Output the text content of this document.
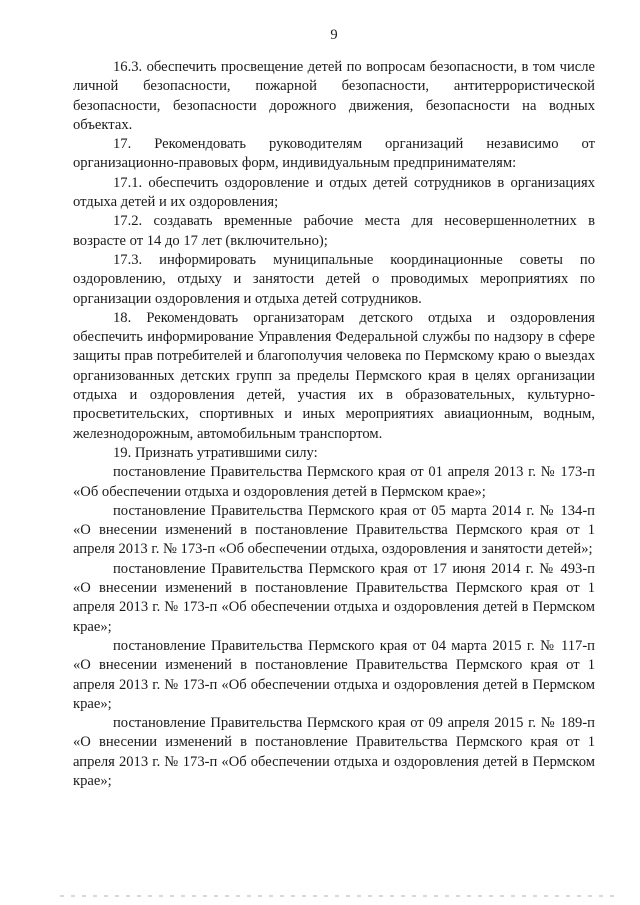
9

16.3. обеспечить просвещение детей по вопросам безопасности, в том числе личной безопасности, пожарной безопасности, антитеррористической безопасности, безопасности дорожного движения, безопасности на водных объектах.

17. Рекомендовать руководителям организаций независимо от организационно-правовых форм, индивидуальным предпринимателям:

17.1. обеспечить оздоровление и отдых детей сотрудников в организациях отдыха детей и их оздоровления;

17.2. создавать временные рабочие места для несовершеннолетних в возрасте от 14 до 17 лет (включительно);

17.3. информировать муниципальные координационные советы по оздоровлению, отдыху и занятости детей о проводимых мероприятиях по организации оздоровления и отдыха детей сотрудников.

18. Рекомендовать организаторам детского отдыха и оздоровления обеспечить информирование Управления Федеральной службы по надзору в сфере защиты прав потребителей и благополучия человека по Пермскому краю о выездах организованных детских групп за пределы Пермского края в целях организации отдыха и оздоровления детей, участия их в образовательных, культурно-просветительских, спортивных и иных мероприятиях авиационным, водным, железнодорожным, автомобильным транспортом.

19. Признать утратившими силу:

постановление Правительства Пермского края от 01 апреля 2013 г. № 173-п «Об обеспечении отдыха и оздоровления детей в Пермском крае»;

постановление Правительства Пермского края от 05 марта 2014 г. № 134-п «О внесении изменений в постановление Правительства Пермского края от 1 апреля 2013 г. № 173-п «Об обеспечении отдыха, оздоровления и занятости детей»;

постановление Правительства Пермского края от 17 июня 2014 г. № 493-п «О внесении изменений в постановление Правительства Пермского края от 1 апреля 2013 г. № 173-п «Об обеспечении отдыха и оздоровления детей в Пермском крае»;

постановление Правительства Пермского края от 04 марта 2015 г. № 117-п «О внесении изменений в постановление Правительства Пермского края от 1 апреля 2013 г. № 173-п «Об обеспечении отдыха и оздоровления детей в Пермском крае»;

постановление Правительства Пермского края от 09 апреля 2015 г. № 189-п «О внесении изменений в постановление Правительства Пермского края от 1 апреля 2013 г. № 173-п «Об обеспечении отдыха и оздоровления детей в Пермском крае»;
